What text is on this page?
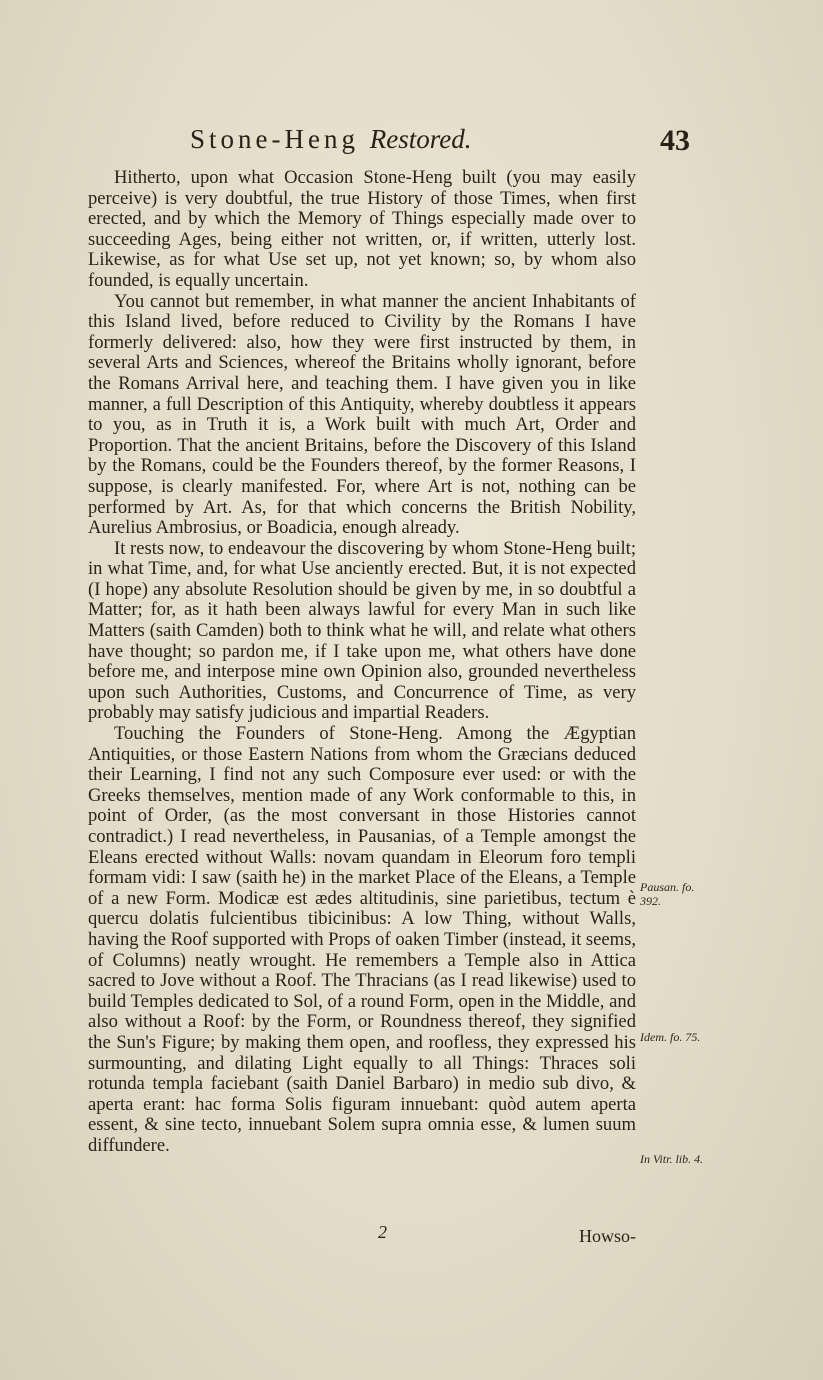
Stone-Heng Restored.	43

Hitherto, upon what Occasion Stone-Heng built (you may easily perceive) is very doubtful, the true History of those Times, when first erected, and by which the Memory of Things especially made over to succeeding Ages, being either not written, or, if written, utterly lost. Likewise, as for what Use set up, not yet known; so, by whom also founded, is equally uncertain.

You cannot but remember, in what manner the ancient Inhabitants of this Island lived, before reduced to Civility by the Romans I have formerly delivered: also, how they were first instructed by them, in several Arts and Sciences, whereof the Britains wholly ignorant, before the Romans Arrival here, and teaching them. I have given you in like manner, a full Description of this Antiquity, whereby doubtless it appears to you, as in Truth it is, a Work built with much Art, Order and Proportion. That the ancient Britains, before the Discovery of this Island by the Romans, could be the Founders thereof, by the former Reasons, I suppose, is clearly manifested. For, where Art is not, nothing can be performed by Art. As, for that which concerns the British Nobility, Aurelius Ambrosius, or Boadicia, enough already.

It rests now, to endeavour the discovering by whom Stone-Heng built; in what Time, and, for what Use anciently erected. But, it is not expected (I hope) any absolute Resolution should be given by me, in so doubtful a Matter; for, as it hath been always lawful for every Man in such like Matters (saith Camden) both to think what he will, and relate what others have thought; so pardon me, if I take upon me, what others have done before me, and interpose mine own Opinion also, grounded nevertheless upon such Authorities, Customs, and Concurrence of Time, as very probably may satisfy judicious and impartial Readers.

Touching the Founders of Stone-Heng. Among the Ægyptian Antiquities, or those Eastern Nations from whom the Græcians deduced their Learning, I find not any such Composure ever used: or with the Greeks themselves, mention made of any Work conformable to this, in point of Order, (as the most conversant in those Histories cannot contradict.) I read nevertheless, in Pausanias, of a Temple amongst the Eleans erected without Walls: novam quandam in Eleorum foro templi formam vidi: I saw (saith he) in the market Place of the Eleans, a Temple of a new Form. Modicæ est ædes altitudinis, sine parietibus, tectum è quercu dolatis fulcientibus tibicinibus: A low Thing, without Walls, having the Roof supported with Props of oaken Timber (instead, it seems, of Columns) neatly wrought. He remembers a Temple also in Attica sacred to Jove without a Roof. The Thracians (as I read likewise) used to build Temples dedicated to Sol, of a round Form, open in the Middle, and also without a Roof: by the Form, or Roundness thereof, they signified the Sun's Figure; by making them open, and roofless, they expressed his surmounting, and dilating Light equally to all Things: Thraces soli rotunda templa faciebant (saith Daniel Barbaro) in medio sub divo, & aperta erant: hac forma Solis figuram innuebant: quòd autem aperta essent, & sine tecto, innuebant Solem supra omnia esse, & lumen suum diffundere.

Pausan. fo. 392.
Idem. fo. 75.
In Vitr. lib. 4.
2	Howso-
